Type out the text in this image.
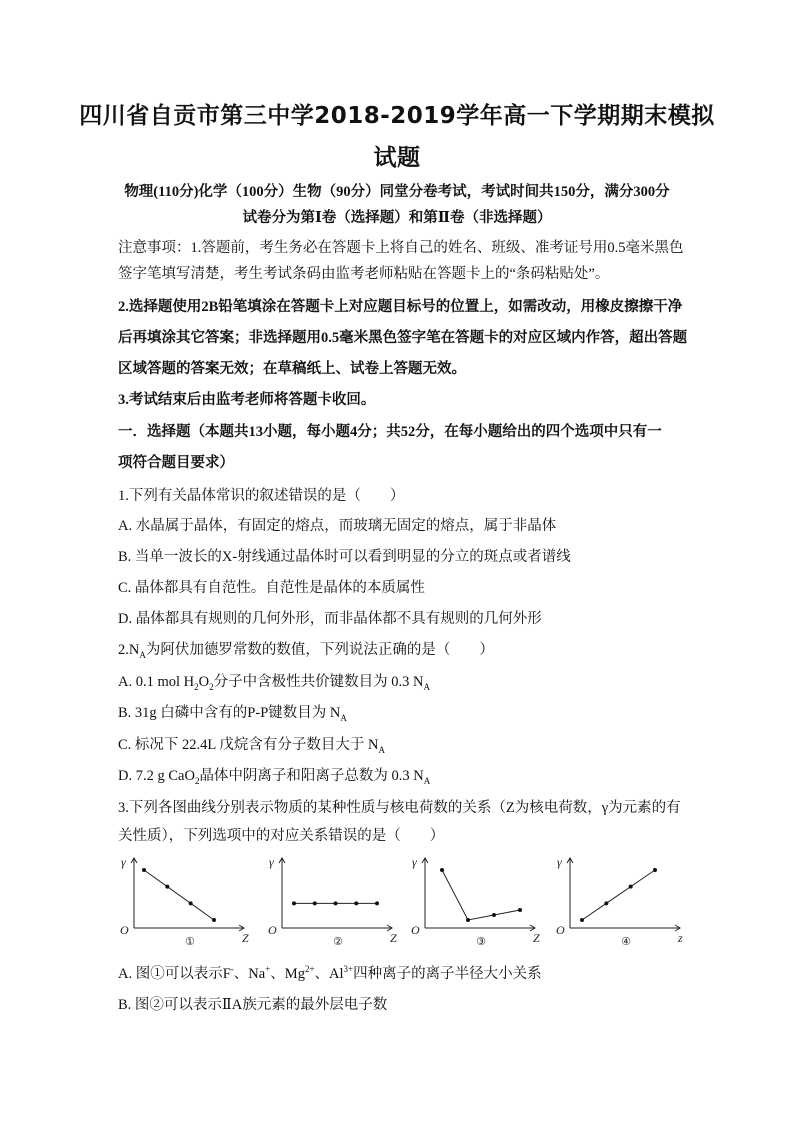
四川省自贡市第三中学2018-2019学年高一下学期期末模拟
试题
物理(110分)化学（100分）生物（90分）同堂分卷考试，考试时间共150分，满分300分
试卷分为第Ⅰ卷（选择题）和第Ⅱ卷（非选择题）
注意事项：1.答题前，考生务必在答题卡上将自己的姓名、班级、准考证号用0.5毫米黑色
签字笔填写清楚，考生考试条码由监考老师粘贴在答题卡上的“条码粘贴处”。
2.选择题使用2B铅笔填涂在答题卡上对应题目标号的位置上，如需改动，用橡皮擦擦干净
后再填涂其它答案；非选择题用0.5毫米黑色签字笔在答题卡的对应区域内作答，超出答题
区域答题的答案无效；在草稿纸上、试卷上答题无效。
3.考试结束后由监考老师将答题卡收回。
一．选择题（本题共13小题，每小题4分；共52分，在每小题给出的四个选项中只有一
项符合题目要求）
1.下列有关晶体常识的叙述错误的是（　　）
A. 水晶属于晶体，有固定的熔点，而玻璃无固定的熔点，属于非晶体
B. 当单一波长的X-射线通过晶体时可以看到明显的分立的斑点或者谱线
C. 晶体都具有自范性。自范性是晶体的本质属性
D. 晶体都具有规则的几何外形，而非晶体都不具有规则的几何外形
$2.N_A$为阿伏加德罗常数的数值，下列说法正确的是（　　）
A. 0.1 mol $H_2O_2$分子中含极性共价键数目为 0.3 $N_A$
B. 31g 白磷中含有的P-P键数目为 $N_A$
C. 标况下 22.4L 戊烷含有分子数目大于 $N_A$
D. 7.2 g CaO$_2$晶体中阴离子和阳离子总数为 0.3 $N_A$
3.下列各图曲线分别表示物质的某种性质与核电荷数的关系（Z为核电荷数，γ为元素的有
关性质），下列选项中的对应关系错误的是（　　）
γ
O
Z
①
γ
O
Z
②
γ
O
Z
③
γ
O
z
④
A. 图①可以表示F-、Na+、$Mg^{2+}$、$Al^{3+}$四种离子的离子半径大小关系
B. 图②可以表示ⅡA族元素的最外层电子数
